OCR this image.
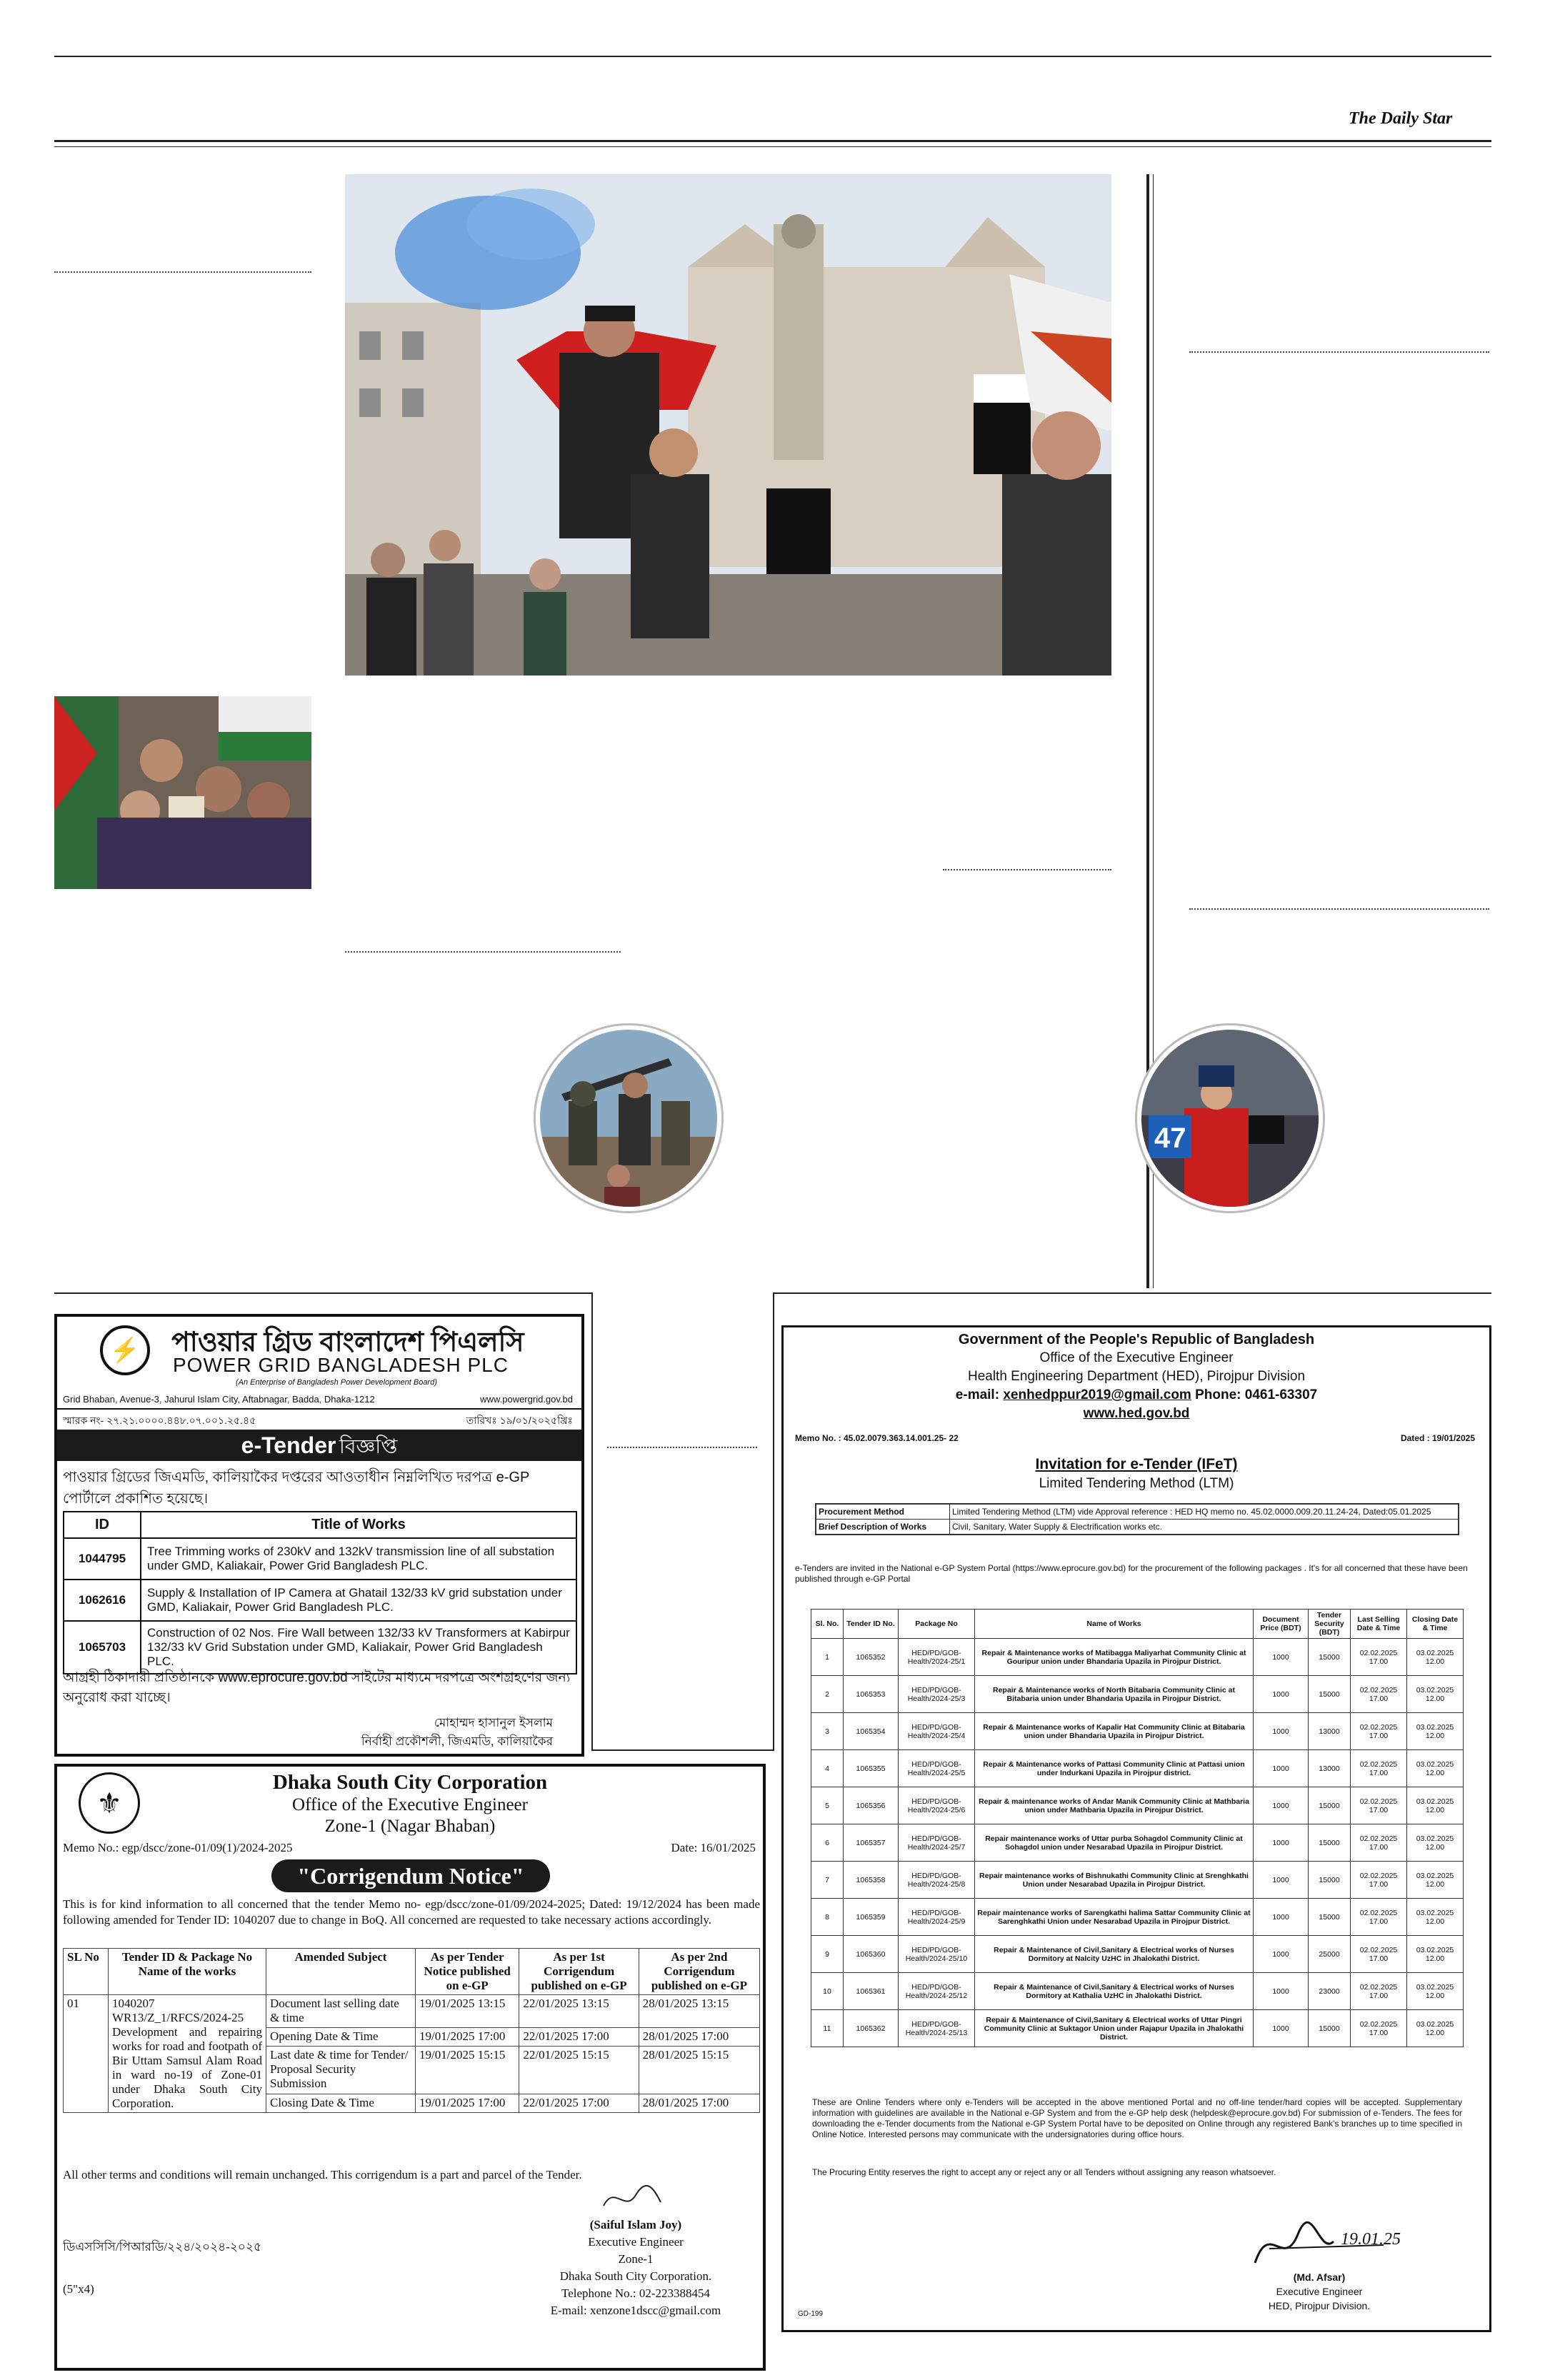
The Daily Star
47
⚡	পাওয়ার গ্রিড বাংলাদেশ পিএলসি
POWER GRID BANGLADESH PLC
(An Enterprise of Bangladesh Power Development Board)
Grid Bhaban, Avenue-3, Jahurul Islam City, Aftabnagar, Badda, Dhaka-1212	www.powergrid.gov.bd
স্মারক নং- ২৭.২১.০০০০.৪৪৮.০৭.০০১.২৫.৪৫	তারিখঃ ১৯/০১/২০২৫খ্রিঃ
e-Tender বিজ্ঞপ্তি
পাওয়ার গ্রিডের জিএমডি, কালিয়াকৈর দপ্তরের আওতাধীন নিম্নলিখিত দরপত্র e-GP পোর্টালে প্রকাশিত হয়েছে।
ID	Title of Works
1044795	Tree Trimming works of 230kV and 132kV transmission line of all substation under GMD, Kaliakair, Power Grid Bangladesh PLC.
1062616	Supply & Installation of IP Camera at Ghatail 132/33 kV grid substation under GMD, Kaliakair, Power Grid Bangladesh PLC.
1065703	Construction of 02 Nos. Fire Wall between 132/33 kV Transformers at Kabirpur 132/33 kV Grid Substation under GMD, Kaliakair, Power Grid Bangladesh PLC.
আগ্রহী ঠিকাদারী প্রতিষ্ঠানকে www.eprocure.gov.bd সাইটের মাধ্যমে দরপত্রে অংশগ্রহণের জন্য অনুরোধ করা যাচ্ছে।
মোহাম্মদ হাসানুল ইসলাম
নির্বাহী প্রকৌশলী, জিএমডি, কালিয়াকৈর
⚜
Dhaka South City Corporation
Office of the Executive Engineer
Zone-1 (Nagar Bhaban)
Memo No.: egp/dscc/zone-01/09(1)/2024-2025	Date: 16/01/2025
"Corrigendum Notice"
This is for kind information to all concerned that the tender Memo no- egp/dscc/zone-01/09/2024-2025; Dated: 19/12/2024 has been made following amended for Tender ID: 1040207 due to change in BoQ. All concerned are requested to take necessary actions accordingly.
SL No	Tender ID & Package No Name of the works	Amended Subject	As per Tender Notice published on e-GP	As per 1st Corrigendum published on e-GP	As per 2nd Corrigendum published on e-GP
01	1040207 WR13/Z_1/RFCS/2024-25 Development and repairing works for road and footpath of Bir Uttam Samsul Alam Road in ward no-19 of Zone-01 under Dhaka South City Corporation.	Document last selling date & time	19/01/2025 13:15	22/01/2025 13:15	28/01/2025 13:15
		Opening Date & Time	19/01/2025 17:00	22/01/2025 17:00	28/01/2025 17:00
		Last date & time for Tender/ Proposal Security Submission	19/01/2025 15:15	22/01/2025 15:15	28/01/2025 15:15
		Closing Date & Time	19/01/2025 17:00	22/01/2025 17:00	28/01/2025 17:00
All other terms and conditions will remain unchanged. This corrigendum is a part and parcel of the Tender.
(Saiful Islam Joy)
Executive Engineer
Zone-1
Dhaka South City Corporation.
Telephone No.: 02-223388454
E-mail: xenzone1dscc@gmail.com
ডিএসসিসি/পিআরডি/২২৪/২০২৪-২০২৫
(5"x4)
Government of the People's Republic of Bangladesh
Office of the Executive Engineer
Health Engineering Department (HED), Pirojpur Division
e-mail: xenhedppur2019@gmail.com Phone: 0461-63307
www.hed.gov.bd
Memo No. : 45.02.0079.363.14.001.25- 22	Dated : 19/01/2025
Invitation for e-Tender (IFeT)
Limited Tendering Method (LTM)
Procurement Method	Limited Tendering Method (LTM) vide Approval reference : HED HQ memo no. 45.02.0000.009.20.11.24-24, Dated:05.01.2025
Brief Description of Works	Civil, Sanitary, Water Supply & Electrification works etc.
e-Tenders are invited in the National e-GP System Portal (https://www.eprocure.gov.bd) for the procurement of the following packages . It's for all concerned that these have been published through e-GP Portal
Sl. No.	Tender ID No.	Package No	Name of Works	Document Price (BDT)	Tender Security (BDT)	Last Selling Date & Time	Closing Date & Time
1	1065352	HED/PD/GOB-Health/2024-25/1	Repair & Maintenance works of Matibagga Maliyarhat Community Clinic at Gouripur union under Bhandaria Upazila in Pirojpur District.	1000	15000	02.02.2025 17.00	03.02.2025 12.00
2	1065353	HED/PD/GOB-Health/2024-25/3	Repair & Maintenance works of North Bitabaria Community Clinic at Bitabaria union under Bhandaria Upazila in Pirojpur District.	1000	15000	02.02.2025 17.00	03.02.2025 12.00
3	1065354	HED/PD/GOB-Health/2024-25/4	Repair & Maintenance works of Kapalir Hat Community Clinic at Bitabaria union under Bhandaria Upazila in Pirojpur District.	1000	13000	02.02.2025 17.00	03.02.2025 12.00
4	1065355	HED/PD/GOB-Health/2024-25/5	Repair & Maintenance works of Pattasi Community Clinic at Pattasi union under Indurkani Upazila in Pirojpur district.	1000	13000	02.02.2025 17.00	03.02.2025 12.00
5	1065356	HED/PD/GOB-Health/2024-25/6	Repair & maintenance works of Andar Manik Community Clinic at Mathbaria union under Mathbaria Upazila in Pirojpur District.	1000	15000	02.02.2025 17.00	03.02.2025 12.00
6	1065357	HED/PD/GOB-Health/2024-25/7	Repair maintenance works of Uttar purba Sohagdol Community Clinic at Sohagdol union under Nesarabad Upazila in Pirojpur District.	1000	15000	02.02.2025 17.00	03.02.2025 12.00
7	1065358	HED/PD/GOB-Health/2024-25/8	Repair maintenance works of Bishnukathi Community Clinic at Srenghkathi Union under Nesarabad Upazila in Pirojpur District.	1000	15000	02.02.2025 17.00	03.02.2025 12.00
8	1065359	HED/PD/GOB-Health/2024-25/9	Repair maintenance works of Sarengkathi halima Sattar Community Clinic at Sarenghkathi Union under Nesarabad Upazila in Pirojpur District.	1000	15000	02.02.2025 17.00	03.02.2025 12.00
9	1065360	HED/PD/GOB-Health/2024-25/10	Repair & Maintenance of Civil,Sanitary & Electrical works of Nurses Dormitory at Nalcity UzHC in Jhalokathi District.	1000	25000	02.02.2025 17.00	03.02.2025 12.00
10	1065361	HED/PD/GOB-Health/2024-25/12	Repair & Maintenance of Civil,Sanitary & Electrical works of Nurses Dormitory at Kathalia UzHC in Jhalokathi District.	1000	23000	02.02.2025 17.00	03.02.2025 12.00
11	1065362	HED/PD/GOB-Health/2024-25/13	Repair & Maintenance of Civil,Sanitary & Electrical works of Uttar Pingri Community Clinic at Suktagor Union under Rajapur Upazila in Jhalokathi District.	1000	15000	02.02.2025 17.00	03.02.2025 12.00
These are Online Tenders where only e-Tenders will be accepted in the above mentioned Portal and no off-line tender/hard copies will be accepted. Supplementary information with guidelines are available in the National e-GP System and from the e-GP help desk (helpdesk@eprocure.gov.bd) For submission of e-Tenders. The fees for downloading the e-Tender documents from the National e-GP System Portal have to be deposited on Online through any registered Bank's branches up to time specified in Online Notice. Interested persons may communicate with the undersignatories during office hours.
The Procuring Entity reserves the right to accept any or reject any or all Tenders without assigning any reason whatsoever.
19.01.25
(Md. Afsar)
Executive Engineer
HED, Pirojpur Division.
GD-199
